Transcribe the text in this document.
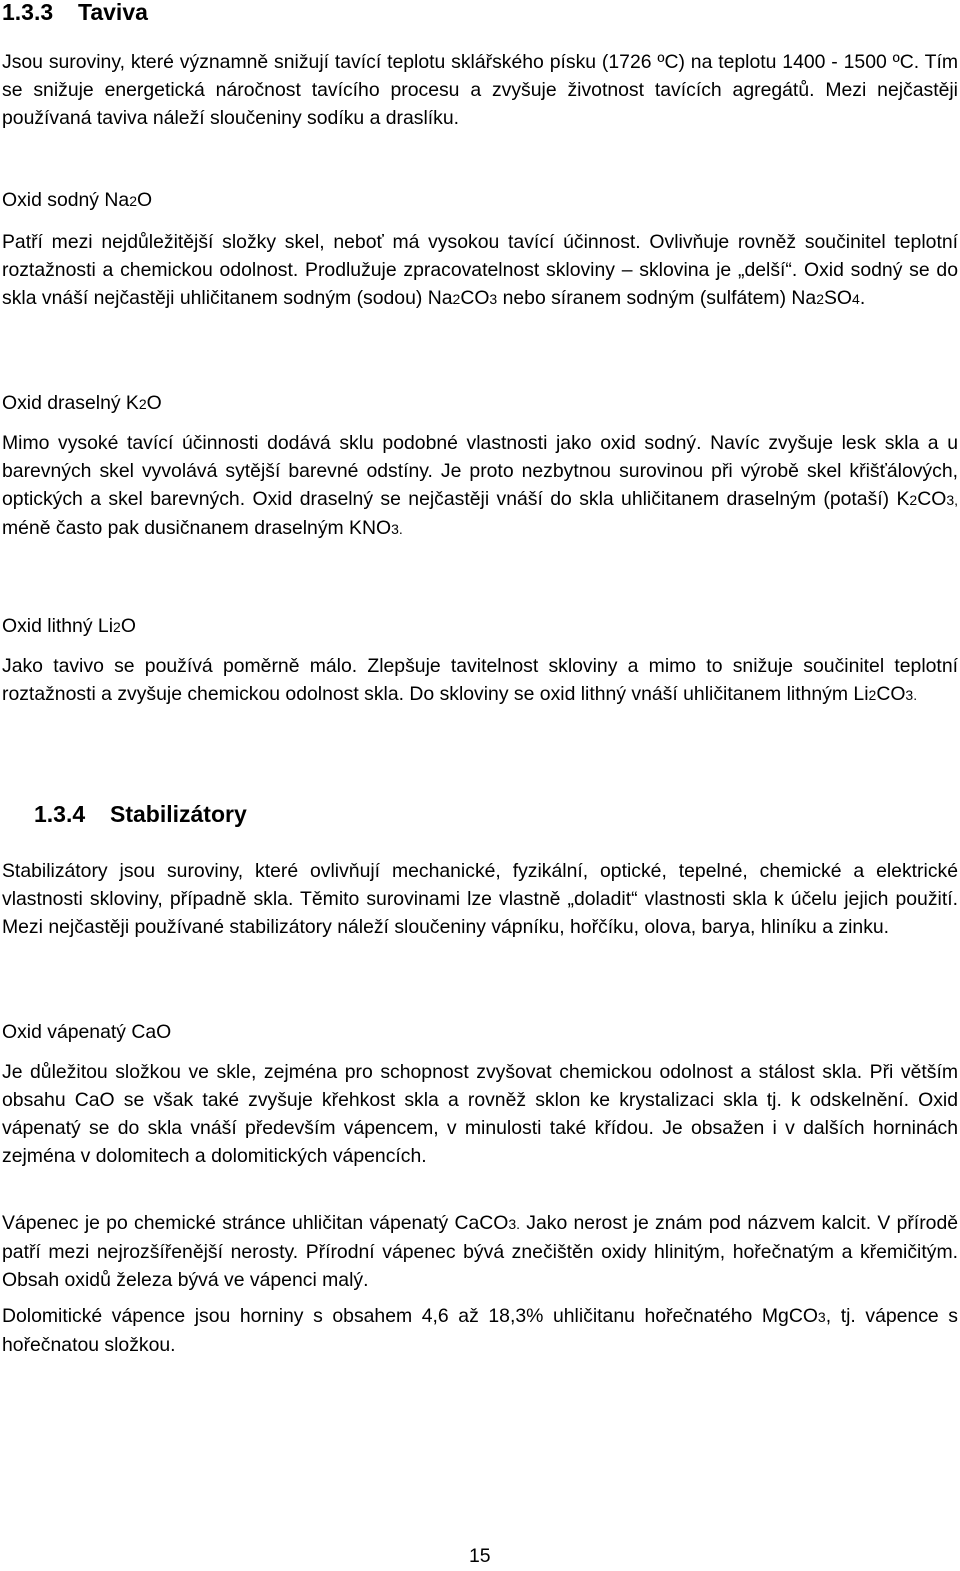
1.3.3 Taviva

Jsou suroviny, které významně snižují tavící teplotu sklářského písku (1726 ºC) na teplotu 1400 - 1500 ºC. Tím se snižuje energetická náročnost tavícího procesu a zvyšuje životnost tavících agregátů. Mezi nejčastěji používaná taviva náleží sloučeniny sodíku a draslíku.

Oxid sodný Na2O

Patří mezi nejdůležitější složky skel, neboť má vysokou tavící účinnost. Ovlivňuje rovněž součinitel teplotní roztažnosti a chemickou odolnost. Prodlužuje zpracovatelnost skloviny – sklovina je „delší“. Oxid sodný se do skla vnáší nejčastěji uhličitanem sodným (sodou) Na2CO3 nebo síranem sodným (sulfátem) Na2SO4.

Oxid draselný K2O

Mimo vysoké tavící účinnosti dodává sklu podobné vlastnosti jako oxid sodný. Navíc zvyšuje lesk skla a u barevných skel vyvolává sytější barevné odstíny. Je proto nezbytnou surovinou při výrobě skel křišťálových, optických a skel barevných. Oxid draselný se nejčastěji vnáší do skla uhličitanem draselným (potaší) K2CO3, méně často pak dusičnanem draselným KNO3.

Oxid lithný Li2O

Jako tavivo se používá poměrně málo. Zlepšuje tavitelnost skloviny a mimo to snižuje součinitel teplotní roztažnosti a zvyšuje chemickou odolnost skla. Do skloviny se oxid lithný vnáší uhličitanem lithným Li2CO3.

1.3.4 Stabilizátory

Stabilizátory jsou suroviny, které ovlivňují mechanické, fyzikální, optické, tepelné, chemické a elektrické vlastnosti skloviny, případně skla. Těmito surovinami lze vlastně „doladit“ vlastnosti skla k účelu jejich použití. Mezi nejčastěji používané stabilizátory náleží sloučeniny vápníku, hořčíku, olova, barya, hliníku a zinku.

Oxid vápenatý CaO

Je důležitou složkou ve skle, zejména pro schopnost zvyšovat chemickou odolnost a stálost skla. Při větším obsahu CaO se však také zvyšuje křehkost skla a rovněž sklon ke krystalizaci skla tj. k odskelnění. Oxid vápenatý se do skla vnáší především vápencem, v minulosti také křídou. Je obsažen i v dalších horninách zejména v dolomitech a dolomitických vápencích.

Vápenec je po chemické stránce uhličitan vápenatý CaCO3. Jako nerost je znám pod názvem kalcit. V přírodě patří mezi nejrozšířenější nerosty. Přírodní vápenec bývá znečištěn oxidy hlinitým, hořečnatým a křemičitým. Obsah oxidů železa bývá ve vápenci malý.

Dolomitické vápence jsou horniny s obsahem 4,6 až 18,3% uhličitanu hořečnatého MgCO3, tj. vápence s hořečnatou složkou.

15
